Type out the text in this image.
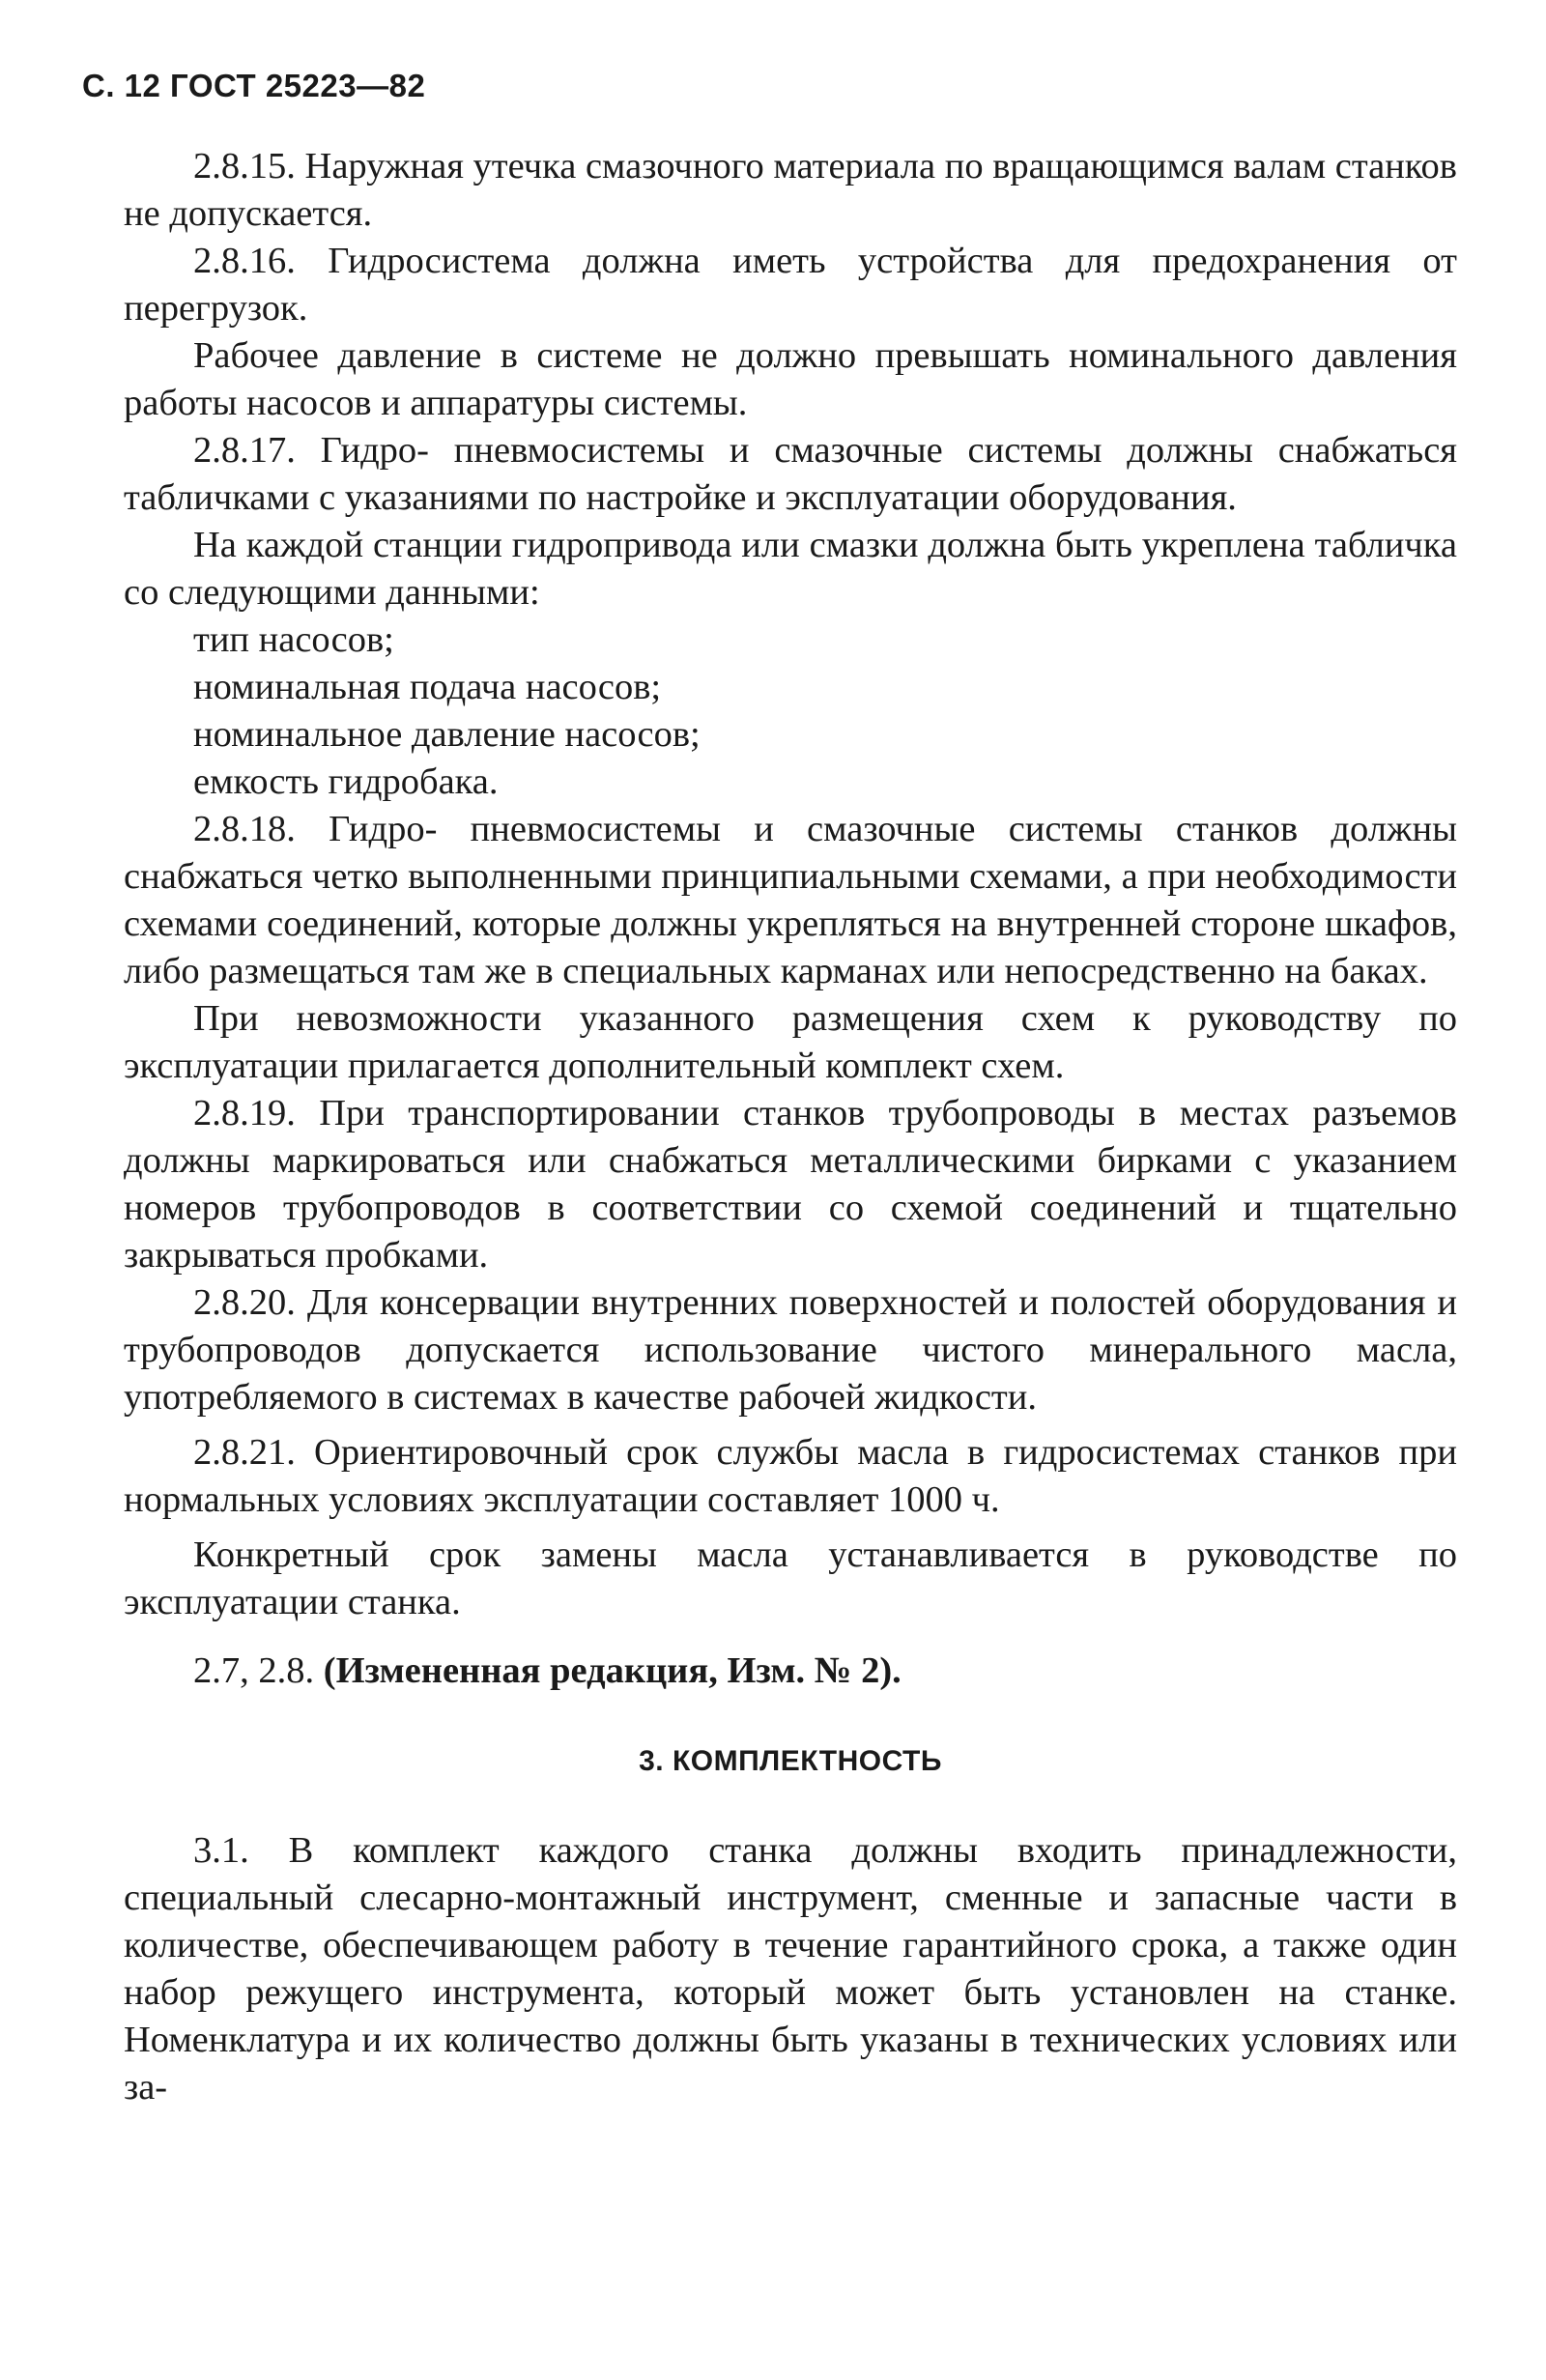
С. 12 ГОСТ 25223—82

2.8.15. Наружная утечка смазочного материала по вращающимся валам станков не допускается.

2.8.16. Гидросистема должна иметь устройства для предохранения от перегрузок.

Рабочее давление в системе не должно превышать номинального давления работы насосов и аппаратуры системы.

2.8.17. Гидро- пневмосистемы и смазочные системы должны снабжаться табличками с указаниями по настройке и эксплуатации оборудования.

На каждой станции гидропривода или смазки должна быть укреплена табличка со следующими данными:

тип насосов;

номинальная подача насосов;

номинальное давление насосов;

емкость гидробака.

2.8.18. Гидро- пневмосистемы и смазочные системы станков должны снабжаться четко выполненными принципиальными схемами, а при необходимости схемами соединений, которые должны укрепляться на внутренней стороне шкафов, либо размещаться там же в специальных карманах или непосредственно на баках.

При невозможности указанного размещения схем к руководству по эксплуатации прилагается дополнительный комплект схем.

2.8.19. При транспортировании станков трубопроводы в местах разъемов должны маркироваться или снабжаться металлическими бирками с указанием номеров трубопроводов в соответствии со схемой соединений и тщательно закрываться пробками.

2.8.20. Для консервации внутренних поверхностей и полостей оборудования и трубопроводов допускается использование чистого минерального масла, употребляемого в системах в качестве рабочей жидкости.

2.8.21. Ориентировочный срок службы масла в гидросистемах станков при нормальных условиях эксплуатации составляет 1000 ч.

Конкретный срок замены масла устанавливается в руководстве по эксплуатации станка.

2.7, 2.8. (Измененная редакция, Изм. № 2).

3. КОМПЛЕКТНОСТЬ

3.1. В комплект каждого станка должны входить принадлежности, специальный слесарно-монтажный инструмент, сменные и запасные части в количестве, обеспечивающем работу в течение гарантийного срока, а также один набор режущего инструмента, который может быть установлен на станке. Номенклатура и их количество должны быть указаны в технических условиях или за-
